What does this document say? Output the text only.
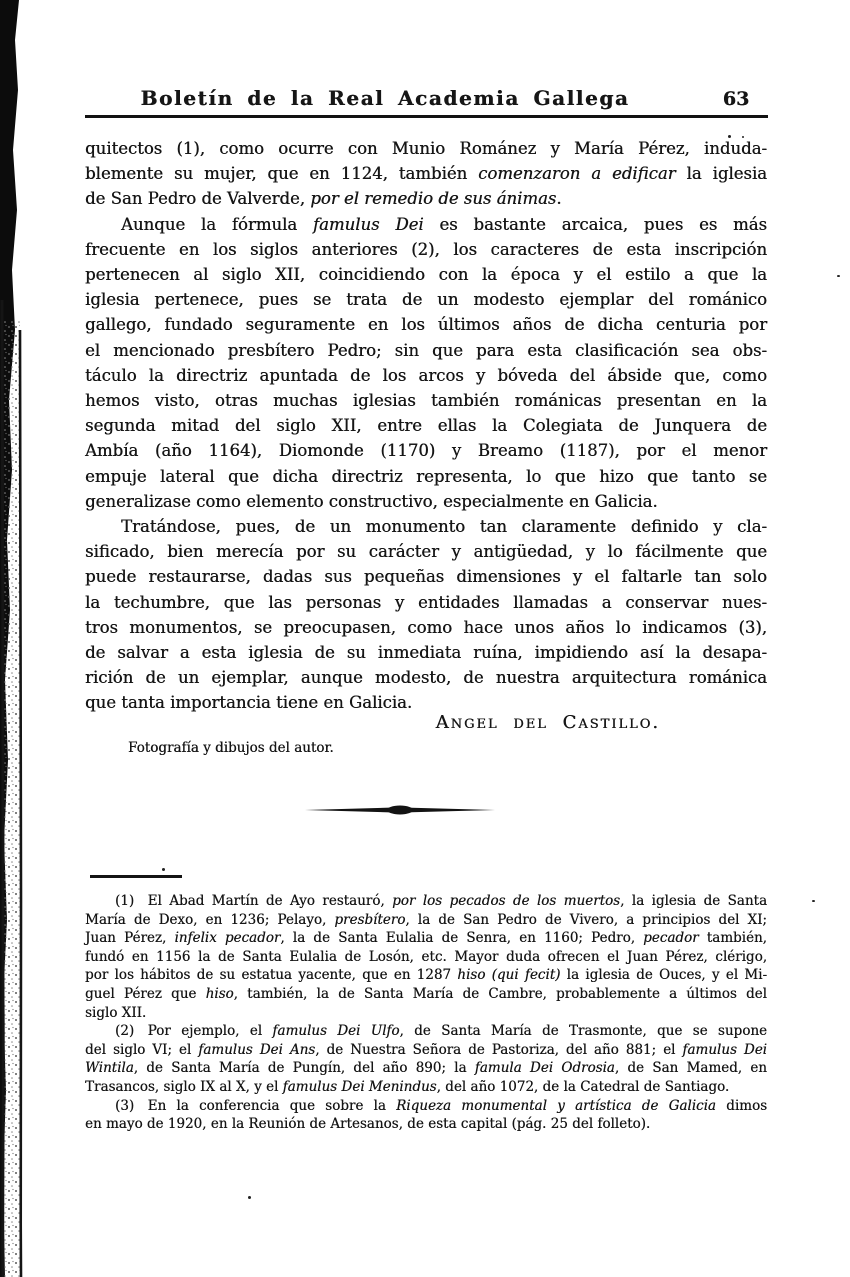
Boletín de la Real Academia Gallega	63
quitectos (1), como ocurre con Munio Románez y María Pérez, induda-
blemente su mujer, que en 1124, también comenzaron a edificar la iglesia
de San Pedro de Valverde, por el remedio de sus ánimas.
Aunque la fórmula famulus Dei es bastante arcaica, pues es más
frecuente en los siglos anteriores (2), los caracteres de esta inscripción
pertenecen al siglo XII, coincidiendo con la época y el estilo a que la
iglesia pertenece, pues se trata de un modesto ejemplar del románico
gallego, fundado seguramente en los últimos años de dicha centuria por
el mencionado presbítero Pedro; sin que para esta clasificación sea obs-
táculo la directriz apuntada de los arcos y bóveda del ábside que, como
hemos visto, otras muchas iglesias también románicas presentan en la
segunda mitad del siglo XII, entre ellas la Colegiata de Junquera de
Ambía (año 1164), Diomonde (1170) y Breamo (1187), por el menor
empuje lateral que dicha directriz representa, lo que hizo que tanto se
generalizase como elemento constructivo, especialmente en Galicia.
Tratándose, pues, de un monumento tan claramente definido y cla-
sificado, bien merecía por su carácter y antigüedad, y lo fácilmente que
puede restaurarse, dadas sus pequeñas dimensiones y el faltarle tan solo
la techumbre, que las personas y entidades llamadas a conservar nues-
tros monumentos, se preocupasen, como hace unos años lo indicamos (3),
de salvar a esta iglesia de su inmediata ruína, impidiendo así la desapa-
rición de un ejemplar, aunque modesto, de nuestra arquitectura románica
que tanta importancia tiene en Galicia.
Angel del Castillo.
Fotografía y dibujos del autor.
(1) El Abad Martín de Ayo restauró, por los pecados de los muertos, la iglesia de Santa
María de Dexo, en 1236; Pelayo, presbítero, la de San Pedro de Vivero, a principios del XI;
Juan Pérez, infelix pecador, la de Santa Eulalia de Senra, en 1160; Pedro, pecador también,
fundó en 1156 la de Santa Eulalia de Losón, etc. Mayor duda ofrecen el Juan Pérez, clérigo,
por los hábitos de su estatua yacente, que en 1287 hiso (qui fecit) la iglesia de Ouces, y el Mi-
guel Pérez que hiso, también, la de Santa María de Cambre, probablemente a últimos del
siglo XII.
(2) Por ejemplo, el famulus Dei Ulfo, de Santa María de Trasmonte, que se supone
del siglo VI; el famulus Dei Ans, de Nuestra Señora de Pastoriza, del año 881; el famulus Dei
Wintila, de Santa María de Pungín, del año 890; la famula Dei Odrosia, de San Mamed, en
Trasancos, siglo IX al X, y el famulus Dei Menindus, del año 1072, de la Catedral de Santiago.
(3) En la conferencia que sobre la Riqueza monumental y artística de Galicia dimos
en mayo de 1920, en la Reunión de Artesanos, de esta capital (pág. 25 del folleto).
